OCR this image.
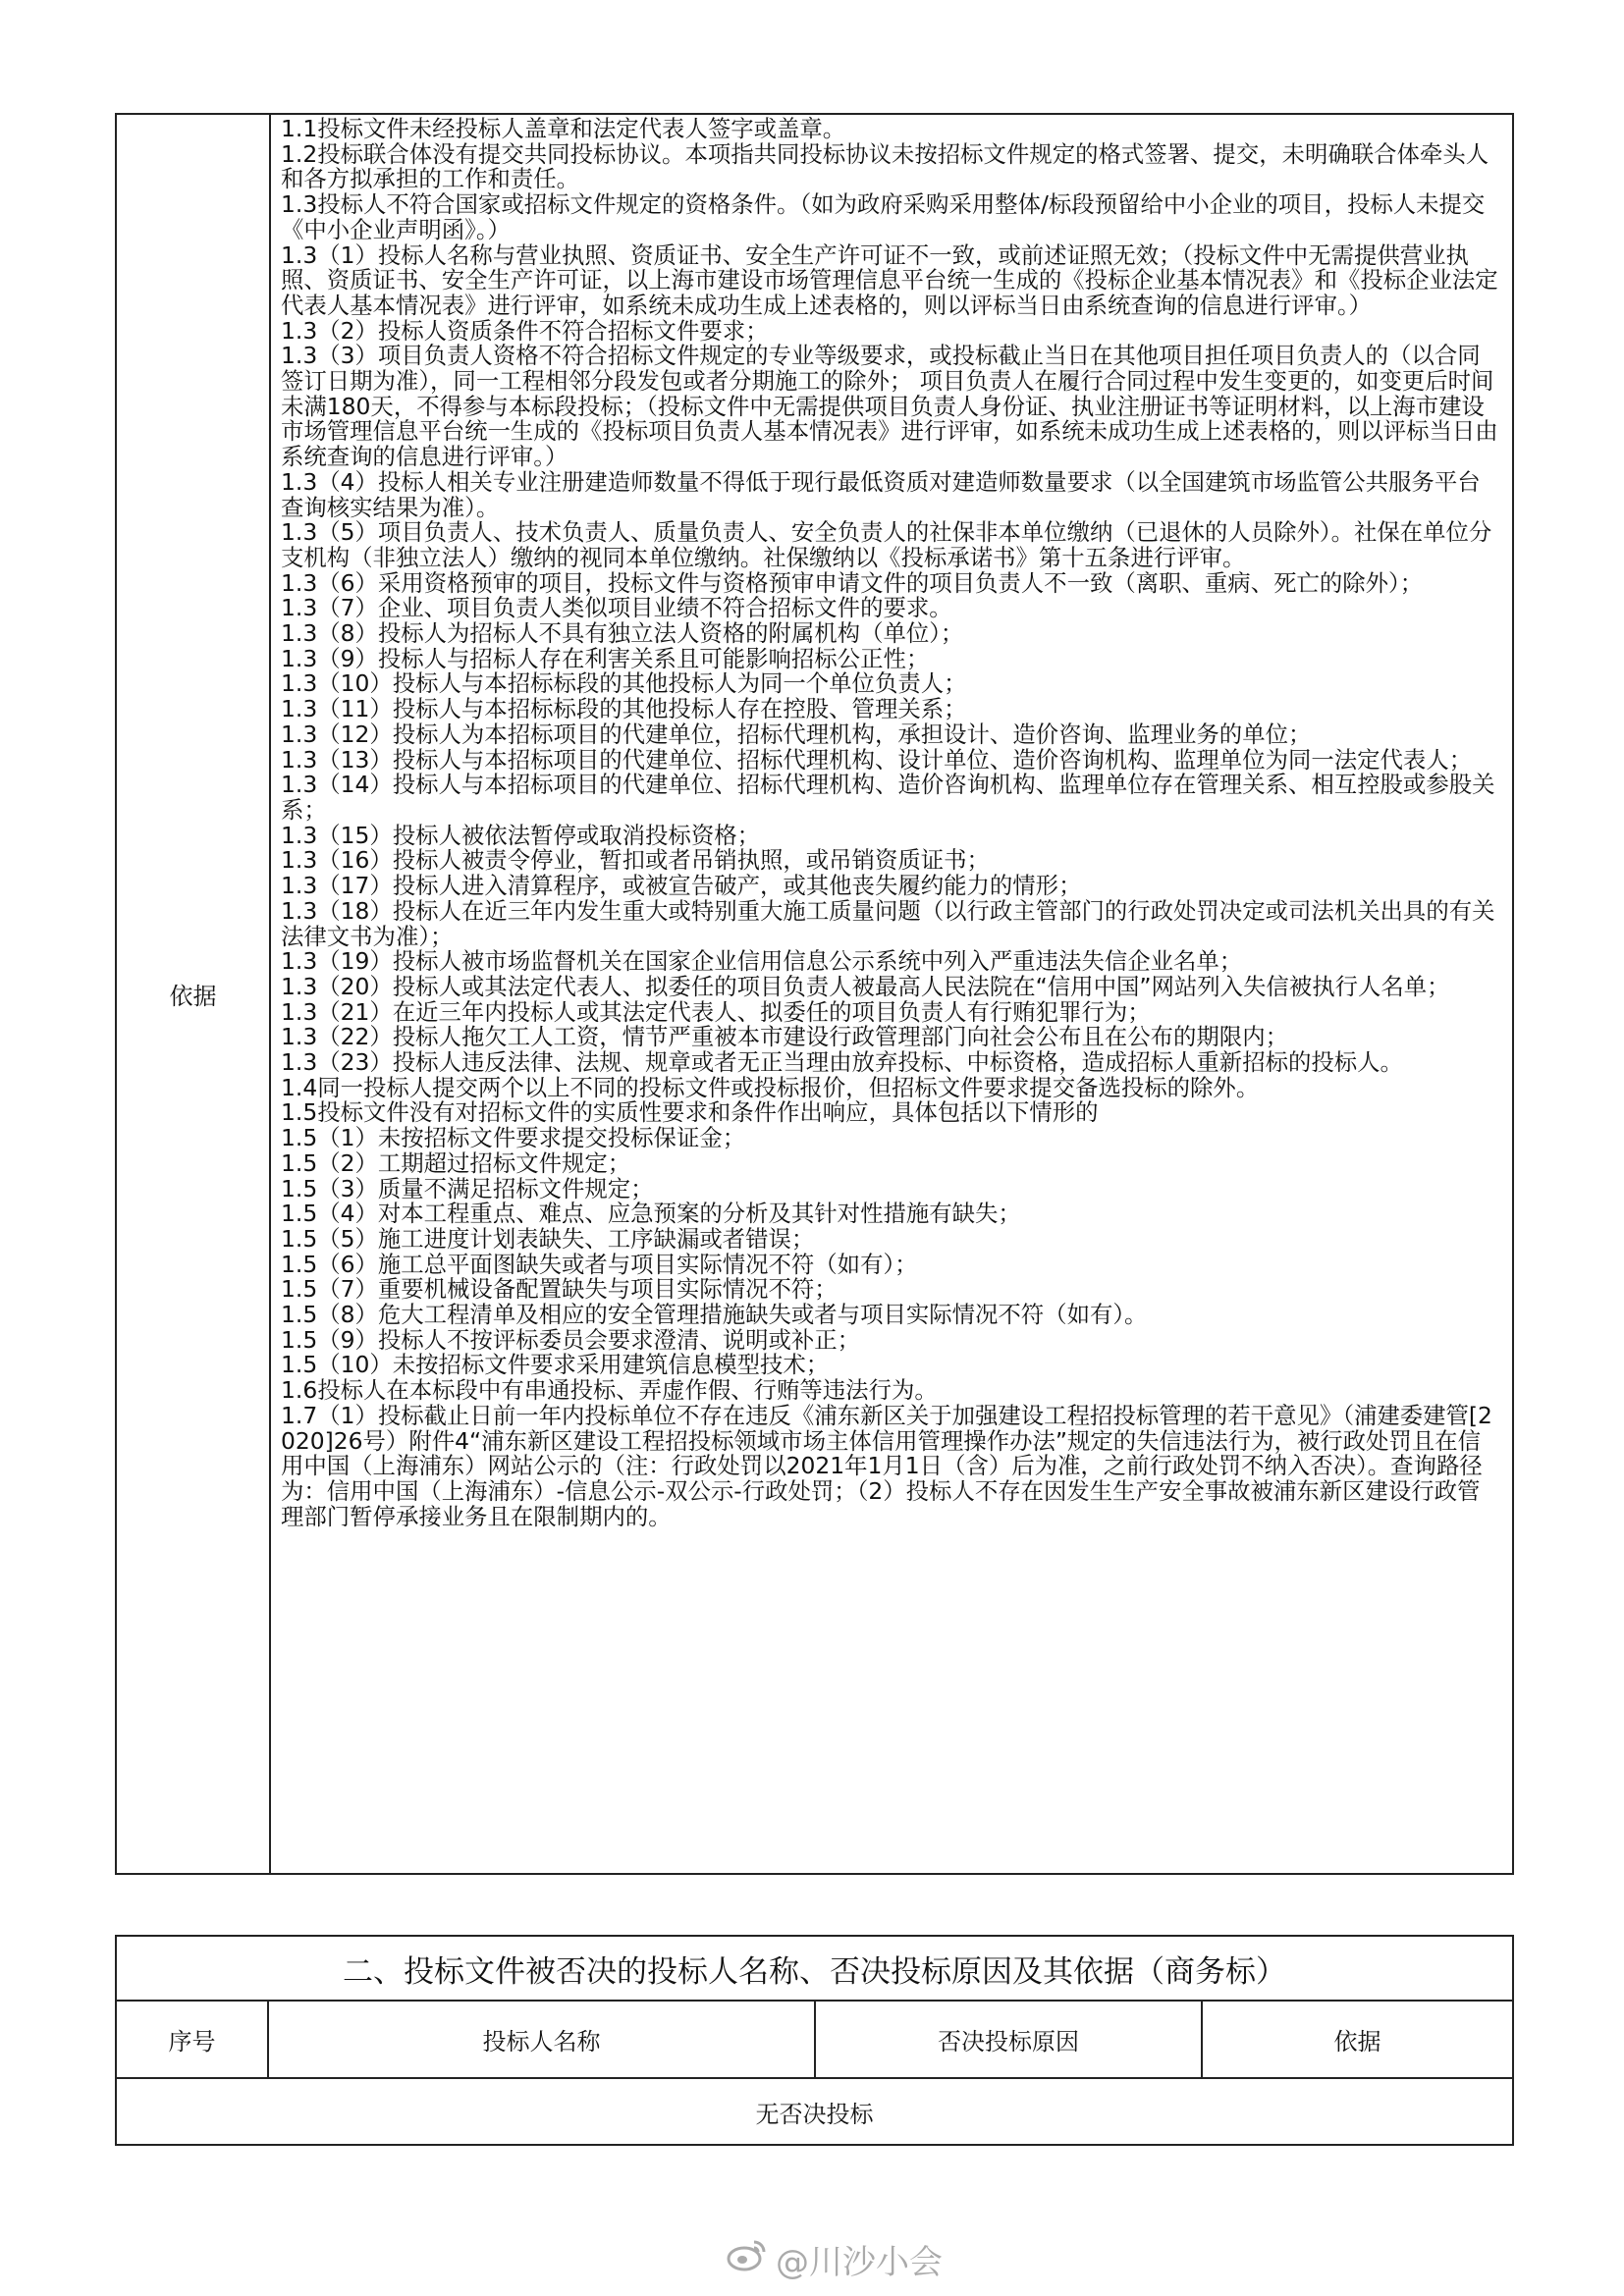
依据

1.1投标文件未经投标人盖章和法定代表人签字或盖章。

1.2投标联合体没有提交共同投标协议。本项指共同投标协议未按招标文件规定的格式签署、提交，未明确联合体牵头人和各方拟承担的工作和责任。

1.3投标人不符合国家或招标文件规定的资格条件。（如为政府采购采用整体/标段预留给中小企业的项目，投标人未提交《中小企业声明函》。）

1.3（1）投标人名称与营业执照、资质证书、安全生产许可证不一致，或前述证照无效；（投标文件中无需提供营业执照、资质证书、安全生产许可证，以上海市建设市场管理信息平台统一生成的《投标企业基本情况表》和《投标企业法定代表人基本情况表》进行评审，如系统未成功生成上述表格的，则以评标当日由系统查询的信息进行评审。）

1.3（2）投标人资质条件不符合招标文件要求；

1.3（3）项目负责人资格不符合招标文件规定的专业等级要求，或投标截止当日在其他项目担任项目负责人的（以合同签订日期为准），同一工程相邻分段发包或者分期施工的除外； 项目负责人在履行合同过程中发生变更的，如变更后时间未满180天，不得参与本标段投标；（投标文件中无需提供项目负责人身份证、执业注册证书等证明材料，以上海市建设市场管理信息平台统一生成的《投标项目负责人基本情况表》进行评审，如系统未成功生成上述表格的，则以评标当日由系统查询的信息进行评审。）

1.3（4）投标人相关专业注册建造师数量不得低于现行最低资质对建造师数量要求（以全国建筑市场监管公共服务平台查询核实结果为准）。

1.3（5）项目负责人、技术负责人、质量负责人、安全负责人的社保非本单位缴纳（已退休的人员除外）。社保在单位分支机构（非独立法人）缴纳的视同本单位缴纳。社保缴纳以《投标承诺书》第十五条进行评审。

1.3（6）采用资格预审的项目，投标文件与资格预审申请文件的项目负责人不一致（离职、重病、死亡的除外）；

1.3（7）企业、项目负责人类似项目业绩不符合招标文件的要求。

1.3（8）投标人为招标人不具有独立法人资格的附属机构（单位）；

1.3（9）投标人与招标人存在利害关系且可能影响招标公正性；

1.3（10）投标人与本招标标段的其他投标人为同一个单位负责人；

1.3（11）投标人与本招标标段的其他投标人存在控股、管理关系；

1.3（12）投标人为本招标项目的代建单位，招标代理机构，承担设计、造价咨询、监理业务的单位；

1.3（13）投标人与本招标项目的代建单位、招标代理机构、设计单位、造价咨询机构、监理单位为同一法定代表人；

1.3（14）投标人与本招标项目的代建单位、招标代理机构、造价咨询机构、监理单位存在管理关系、相互控股或参股关系；

1.3（15）投标人被依法暂停或取消投标资格；

1.3（16）投标人被责令停业，暂扣或者吊销执照，或吊销资质证书；

1.3（17）投标人进入清算程序，或被宣告破产，或其他丧失履约能力的情形；

1.3（18）投标人在近三年内发生重大或特别重大施工质量问题（以行政主管部门的行政处罚决定或司法机关出具的有关法律文书为准）；

1.3（19）投标人被市场监督机关在国家企业信用信息公示系统中列入严重违法失信企业名单；

1.3（20）投标人或其法定代表人、拟委任的项目负责人被最高人民法院在“信用中国”网站列入失信被执行人名单；

1.3（21）在近三年内投标人或其法定代表人、拟委任的项目负责人有行贿犯罪行为；

1.3（22）投标人拖欠工人工资，情节严重被本市建设行政管理部门向社会公布且在公布的期限内；

1.3（23）投标人违反法律、法规、规章或者无正当理由放弃投标、中标资格，造成招标人重新招标的投标人。

1.4同一投标人提交两个以上不同的投标文件或投标报价，但招标文件要求提交备选投标的除外。

1.5投标文件没有对招标文件的实质性要求和条件作出响应，具体包括以下情形的

1.5（1）未按招标文件要求提交投标保证金；

1.5（2）工期超过招标文件规定；

1.5（3）质量不满足招标文件规定；

1.5（4）对本工程重点、难点、应急预案的分析及其针对性措施有缺失；

1.5（5）施工进度计划表缺失、工序缺漏或者错误；

1.5（6）施工总平面图缺失或者与项目实际情况不符（如有）；

1.5（7）重要机械设备配置缺失与项目实际情况不符；

1.5（8）危大工程清单及相应的安全管理措施缺失或者与项目实际情况不符（如有）。

1.5（9）投标人不按评标委员会要求澄清、说明或补正；

1.5（10）未按招标文件要求采用建筑信息模型技术；

1.6投标人在本标段中有串通投标、弄虚作假、行贿等违法行为。

1.7（1）投标截止日前一年内投标单位不存在违反《浦东新区关于加强建设工程招投标管理的若干意见》（浦建委建管[2020]26号）附件4“浦东新区建设工程招投标领域市场主体信用管理操作办法”规定的失信违法行为，被行政处罚且在信用中国（上海浦东）网站公示的（注：行政处罚以2021年1月1日（含）后为准，之前行政处罚不纳入否决）。查询路径为：信用中国（上海浦东）-信息公示-双公示-行政处罚；（2）投标人不存在因发生生产安全事故被浦东新区建设行政管理部门暂停承接业务且在限制期内的。

二、投标文件被否决的投标人名称、否决投标原因及其依据（商务标）
序号	投标人名称	否决投标原因	依据
无否决投标
@川沙小会
